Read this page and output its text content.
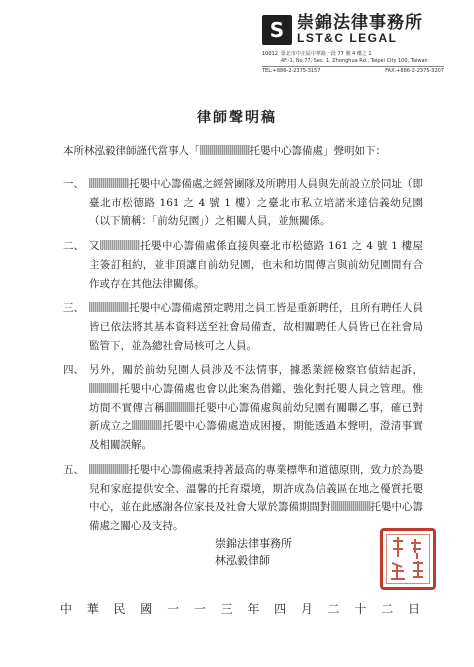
S 崇錦法律事務所
LST&C LEGAL
10012 臺北市中正區中華路一段 77 號 4 樓之 1
4F.-1, No.77, Sec. 1, Zhonghua Rd., Taipei City 100, Taiwan
TEL:+886-2-2375-3157	FAX:+886-2-2375-3207
律師聲明稿
本所林泓毅律師謹代當事人「	托嬰中心籌備處」聲明如下：
一、	托嬰中心籌備處之經營團隊及所聘用人員與先前設立於同址（即臺北市松德路 161 之 4 號 1 樓）之臺北市私立培諾米達信義幼兒園（以下簡稱：「前幼兒園」）之相關人員，並無關係。
二、 又	托嬰中心籌備處係直接與臺北市松德路 161 之 4 號 1 樓屋主簽訂租約，並非頂讓自前幼兒園，也未和坊間傳言與前幼兒園間有合作或存在其他法律關係。
三、	托嬰中心籌備處預定聘用之員工皆是重新聘任，且所有聘任人員皆已依法將其基本資料送至社會局備查，故相關聘任人員皆已在社會局監管下，並為總社會局核可之人員。
四、 另外，關於前幼兒園人員涉及不法情事，據悉業經檢察官偵結起訴，托嬰中心籌備處也會以此案為借鑑，強化對托嬰人員之管理。惟坊間不實傳言稱	托嬰中心籌備處與前幼兒園有關聯乙事，確已對新成立之	托嬰中心籌備處造成困擾，期能透過本聲明，澄清事實及相關誤解。
五、	托嬰中心籌備處秉持著最高的專業標準和道德原則，致力於為嬰兒和家庭提供安全、溫馨的托育環境，期許成為信義區在地之優質托嬰中心，並在此感謝各位家長及社會大眾於籌備期間對	托嬰中心籌備處之關心及支持。
崇錦法律事務所
林泓毅律師
中 華 民 國 一 一 三 年 四 月 二 十 二 日
